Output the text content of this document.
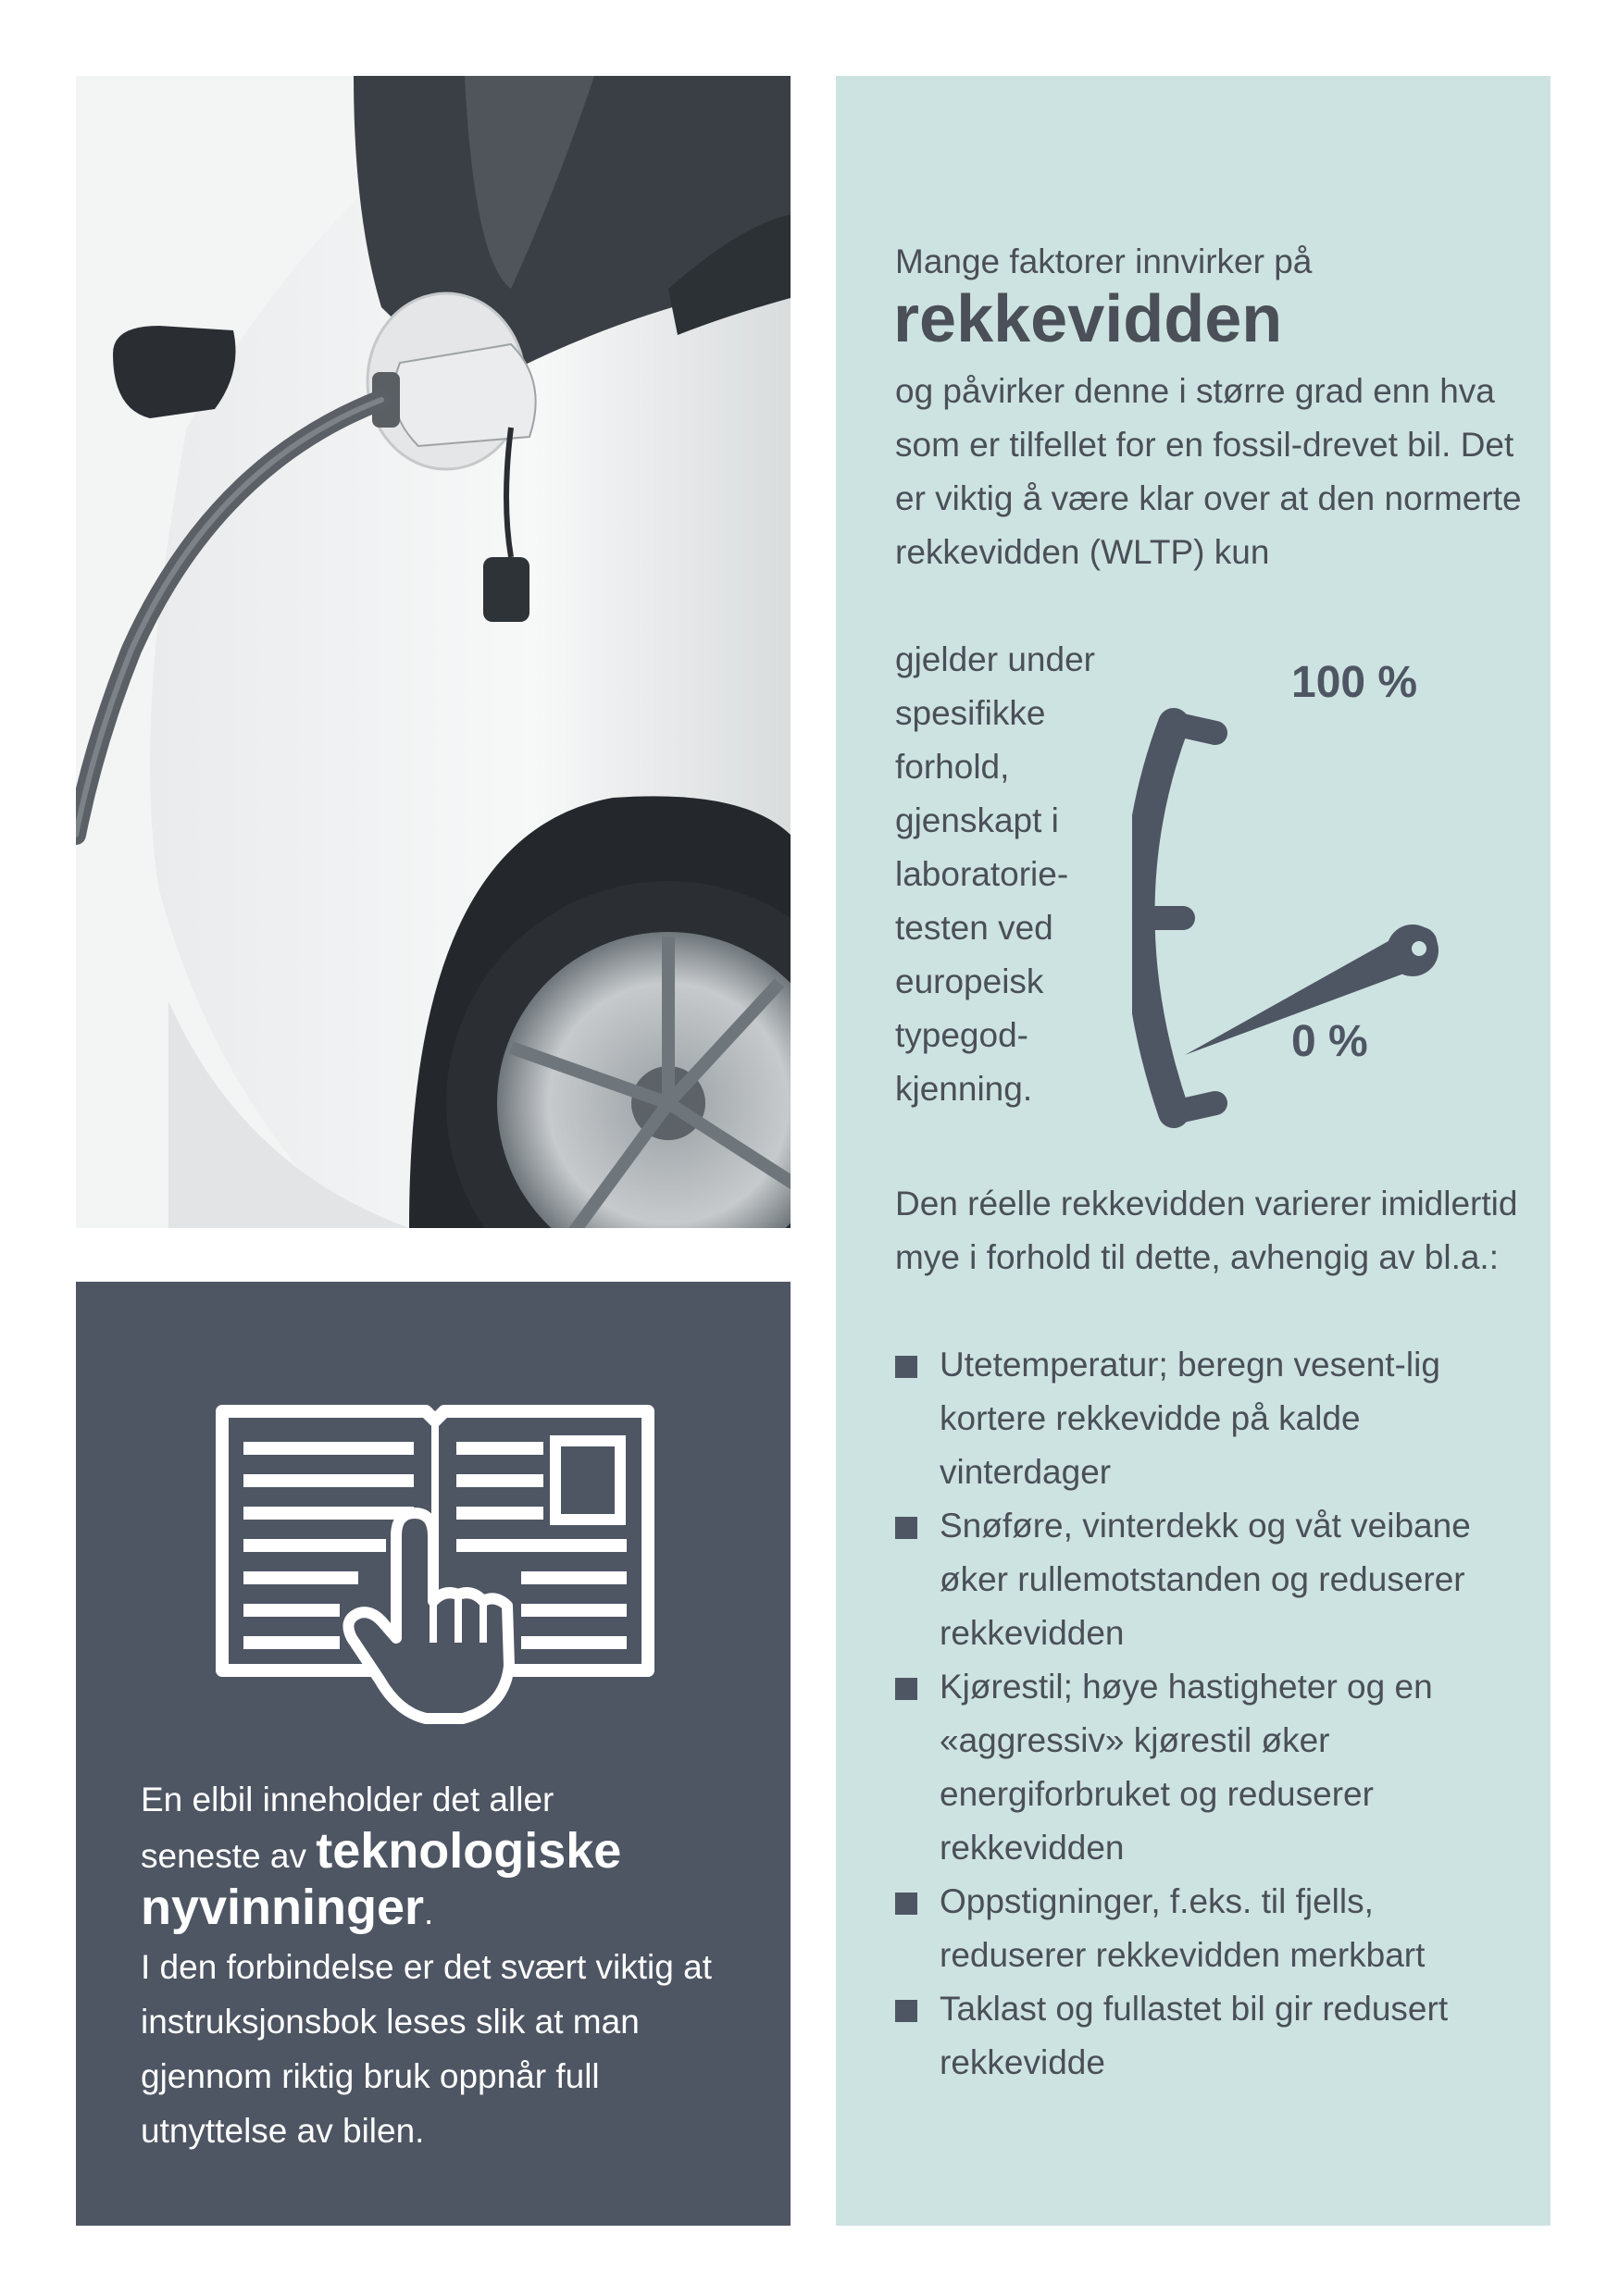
En elbil inneholder det aller
seneste av teknologiske
nyvinninger.
I den forbindelse er det svært viktig at instruksjonsbok leses slik at man gjennom riktig bruk oppnår full utnyttelse av bilen.
Mange faktorer innvirker på
rekkevidden
og påvirker denne i større grad enn hva som er tilfellet for en fossil-drevet bil. Det er viktig å være klar over at den normerte rekkevidden (WLTP) kun
gjelder under spesifikke forhold, gjenskapt i laboratorie-testen ved europeisk typegod-kjenning.
100 %
0 %
Den réelle rekkevidden varierer imidlertid mye i forhold til dette, avhengig av bl.a.:
Utetemperatur; beregn vesent-lig kortere rekkevidde på kalde vinterdager
Snøføre, vinterdekk og våt veibane øker rullemotstanden og reduserer rekkevidden
Kjørestil; høye hastigheter og en «aggressiv» kjørestil øker energiforbruket og reduserer rekkevidden
Oppstigninger, f.eks. til fjells, reduserer rekkevidden merkbart
Taklast og fullastet bil gir redusert rekkevidde
